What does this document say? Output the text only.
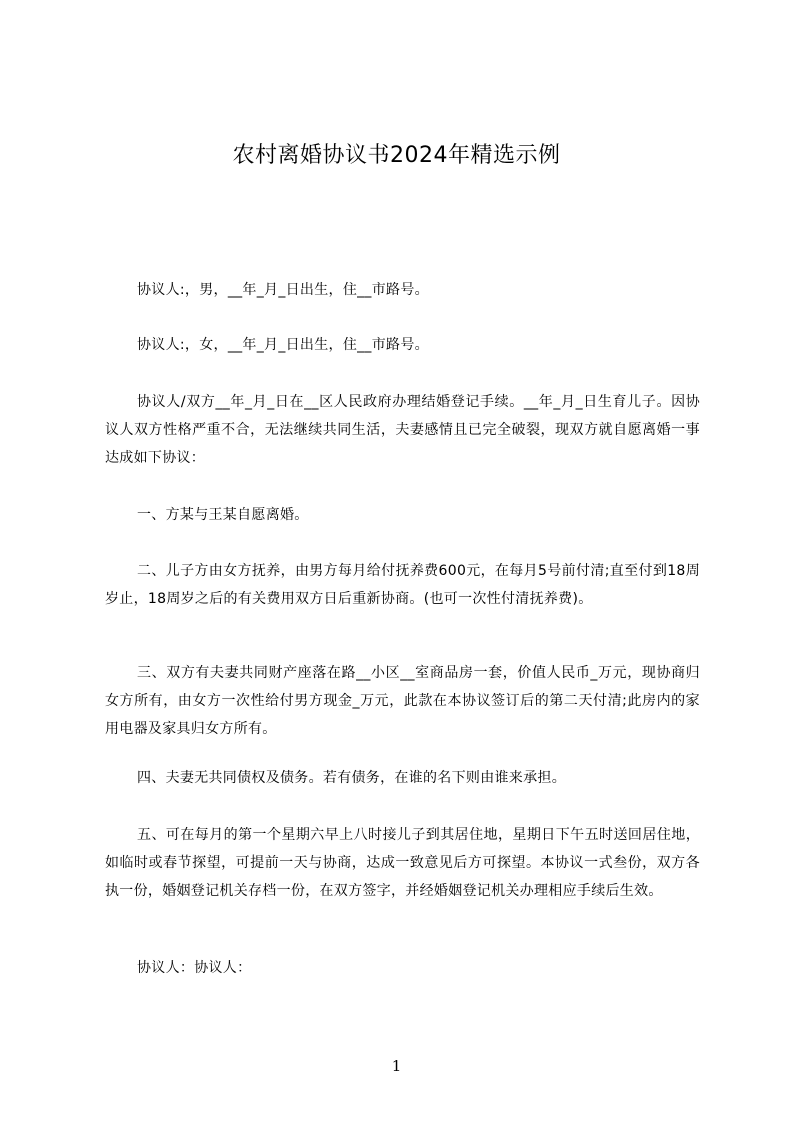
农村离婚协议书2024年精选示例

协议人:，男，__年_月_日出生，住__市路号。

协议人:，女，__年_月_日出生，住__市路号。

协议人/双方__年_月_日在__区人民政府办理结婚登记手续。__年_月_日生育儿子。因协议人双方性格严重不合，无法继续共同生活，夫妻感情且已完全破裂，现双方就自愿离婚一事达成如下协议：

一、方某与王某自愿离婚。

二、儿子方由女方抚养，由男方每月给付抚养费600元，在每月5号前付清;直至付到18周岁止，18周岁之后的有关费用双方日后重新协商。(也可一次性付清抚养费)。

三、双方有夫妻共同财产座落在路__小区__室商品房一套，价值人民币_万元，现协商归女方所有，由女方一次性给付男方现金_万元，此款在本协议签订后的第二天付清;此房内的家用电器及家具归女方所有。

四、夫妻无共同债权及债务。若有债务，在谁的名下则由谁来承担。

五、可在每月的第一个星期六早上八时接儿子到其居住地，星期日下午五时送回居住地，如临时或春节探望，可提前一天与协商，达成一致意见后方可探望。本协议一式叁份，双方各执一份，婚姻登记机关存档一份，在双方签字，并经婚姻登记机关办理相应手续后生效。

协议人：协议人：

1
